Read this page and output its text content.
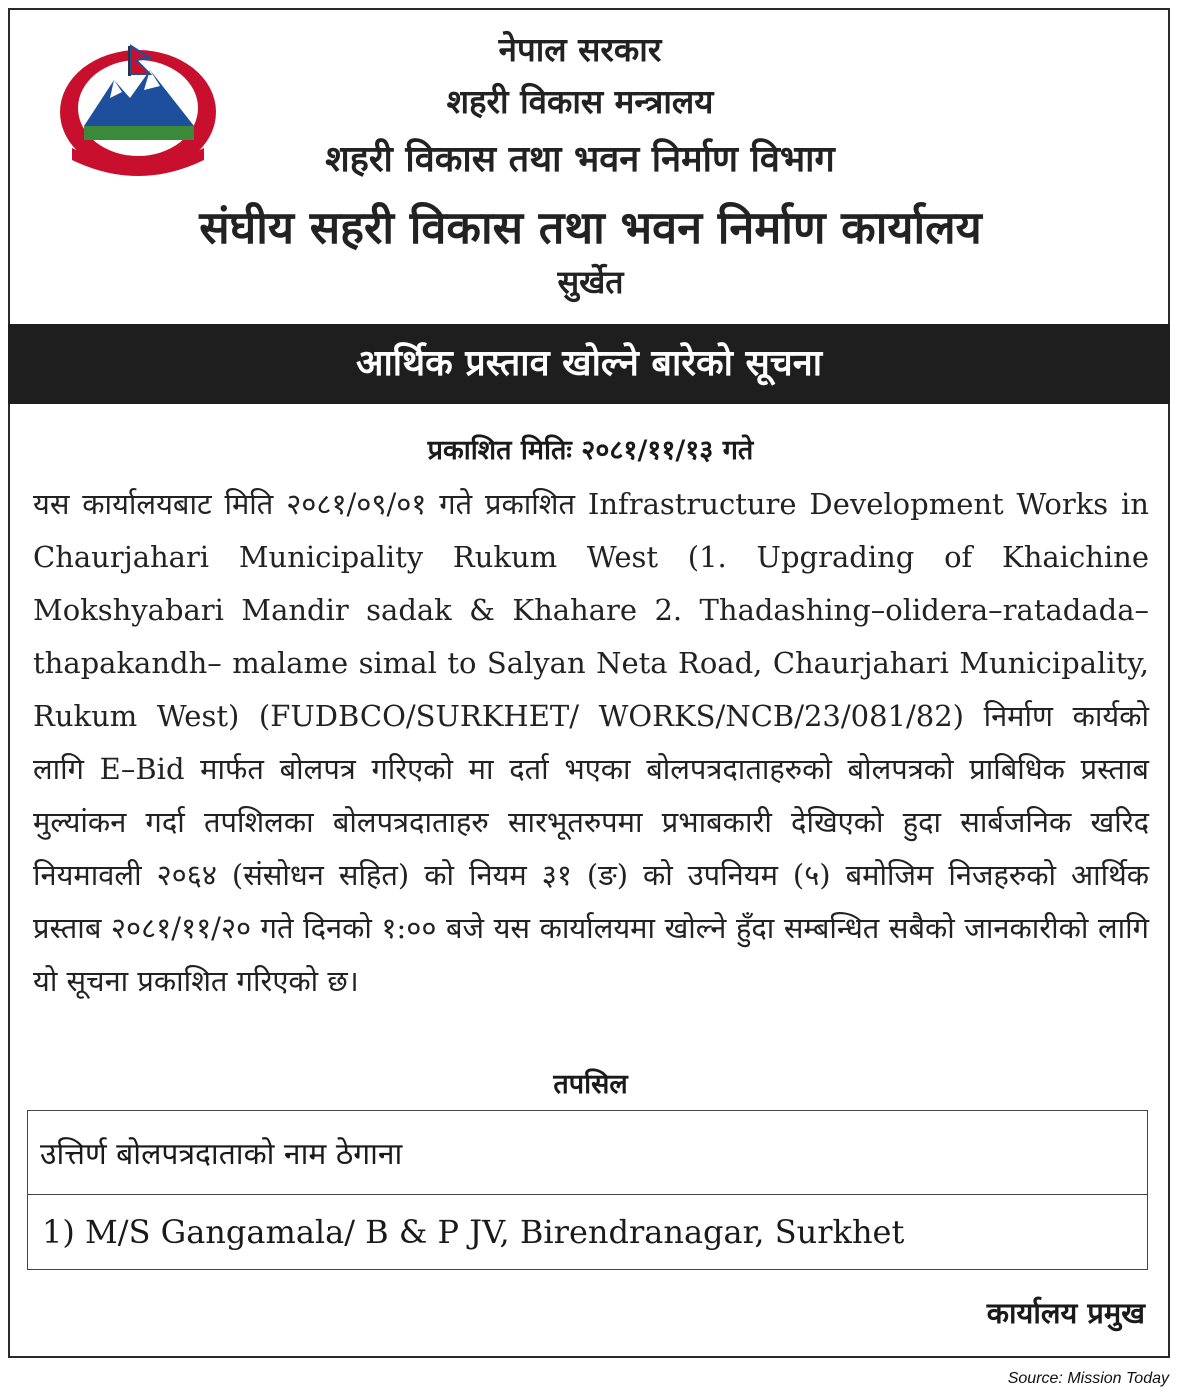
नेपाल सरकार
शहरी विकास मन्त्रालय
शहरी विकास तथा भवन निर्माण विभाग
संघीय सहरी विकास तथा भवन निर्माण कार्यालय
सुर्खेत
आर्थिक प्रस्ताव खोल्ने बारेको सूचना
प्रकाशित मितिः २०८१/११/१३ गते
यस कार्यालयबाट मिति २०८१/०९/०१ गते प्रकाशित Infrastructure Development Works in Chaurjahari Municipality Rukum West (1. Upgrading of Khaichine Mokshyabari Mandir sadak & Khahare 2. Thadashing–olidera–ratadada–thapakandh– malame simal to Salyan Neta Road, Chaurjahari Municipality, Rukum West) (FUDBCO/SURKHET/ WORKS/NCB/23/081/82) निर्माण कार्यको लागि E–Bid मार्फत बोलपत्र गरिएको मा दर्ता भएका बोलपत्रदाताहरुको बोलपत्रको प्राबिधिक प्रस्ताब मुल्यांकन गर्दा तपशिलका बोलपत्रदाताहरु सारभूतरुपमा प्रभाबकारी देखिएको हुदा सार्बजनिक खरिद नियमावली २०६४ (संसोधन सहित) को नियम ३१ (ङ) को उपनियम (५) बमोजिम निजहरुको आर्थिक प्रस्ताब २०८१/११/२० गते दिनको १:०० बजे यस कार्यालयमा खोल्ने हुँदा सम्बन्धित सबैको जानकारीको लागि यो सूचना प्रकाशित गरिएको छ।
तपसिल
उत्तिर्ण बोलपत्रदाताको नाम ठेगाना
1) M/S Gangamala/ B & P JV, Birendranagar, Surkhet
कार्यालय प्रमुख
Source: Mission Today
